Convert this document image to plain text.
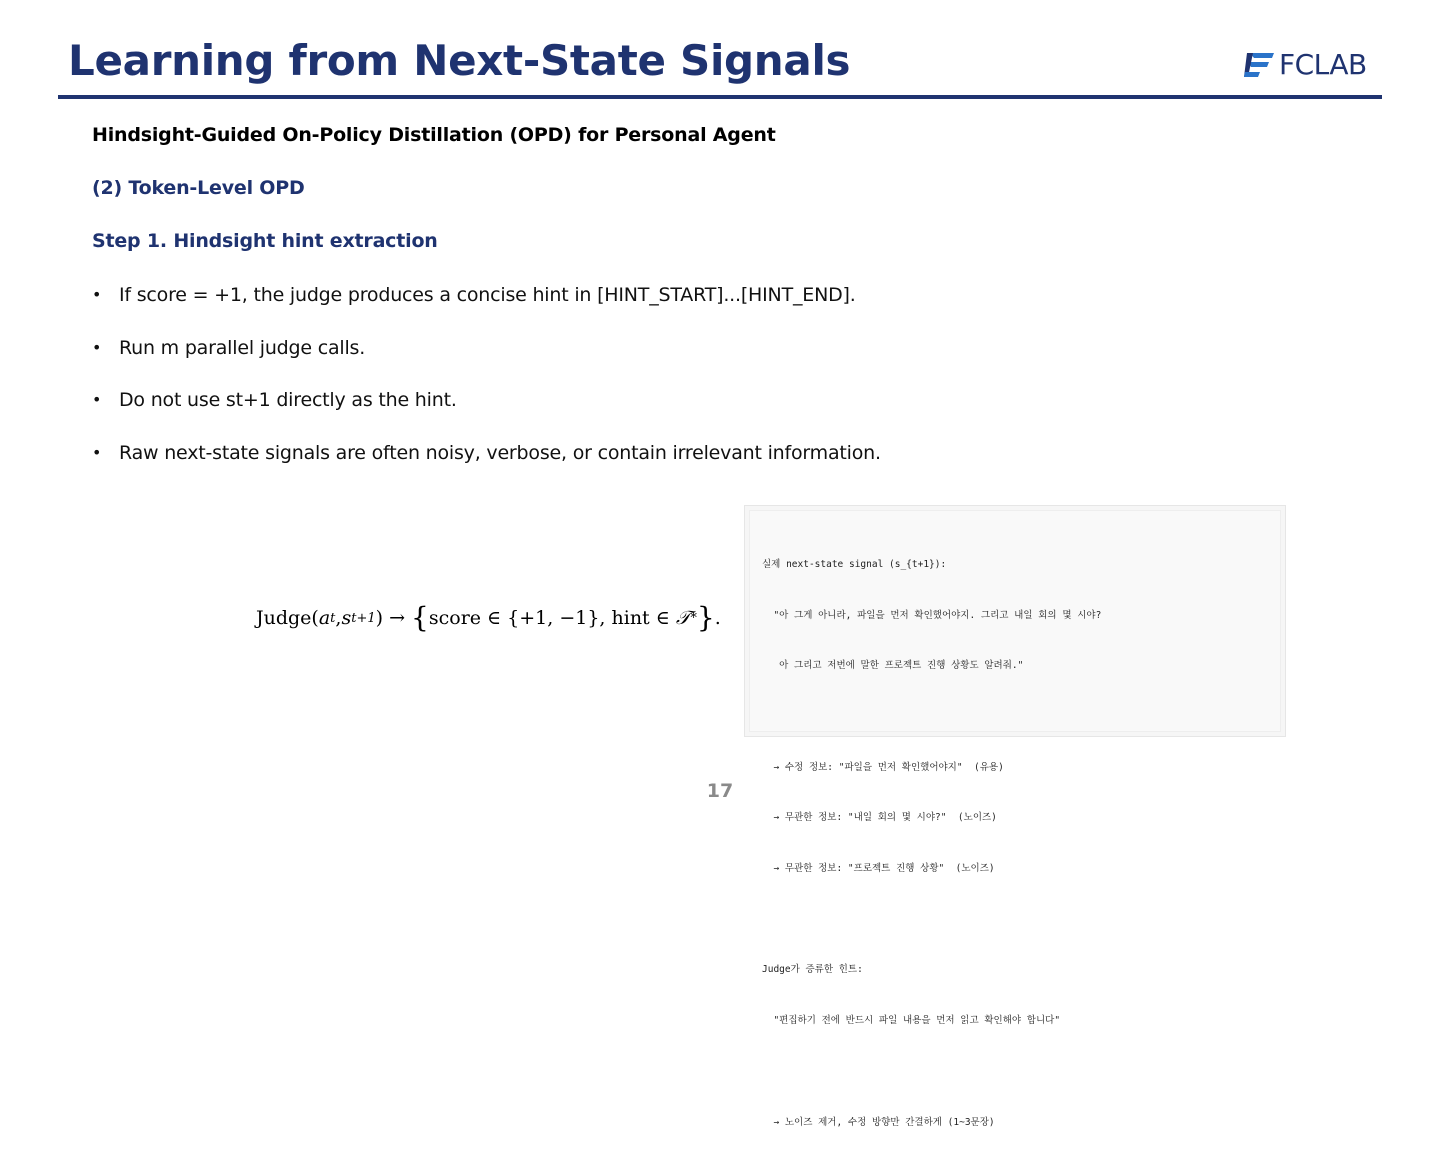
Learning from Next-State Signals	FCLAB
Hindsight-Guided On-Policy Distillation (OPD) for Personal Agent
(2) Token-Level OPD
Step 1. Hindsight hint extraction
• If score = +1, the judge produces a concise hint in [HINT_START]...[HINT_END].
• Run m parallel judge calls.
• Do not use st+1 directly as the hint.
• Raw next-state signals are often noisy, verbose, or contain irrelevant information.
Judge( a t , s t+1 ) → { score ∈ {+1, −1}, hint ∈ 𝒯 * } .

실제 next-state signal (s_{t+1}):

"아 그게 아니라, 파일을 먼저 확인했어야지. 그리고 내일 회의 몇 시야?

아 그리고 저번에 말한 프로젝트 진행 상황도 알려줘."

→ 수정 정보: "파일을 먼저 확인했어야지"  (유용)

→ 무관한 정보: "내일 회의 몇 시야?"  (노이즈)

→ 무관한 정보: "프로젝트 진행 상황"  (노이즈)

Judge가 증류한 힌트:

"편집하기 전에 반드시 파일 내용을 먼저 읽고 확인해야 합니다"

→ 노이즈 제거, 수정 방향만 간결하게 (1~3문장)

17
